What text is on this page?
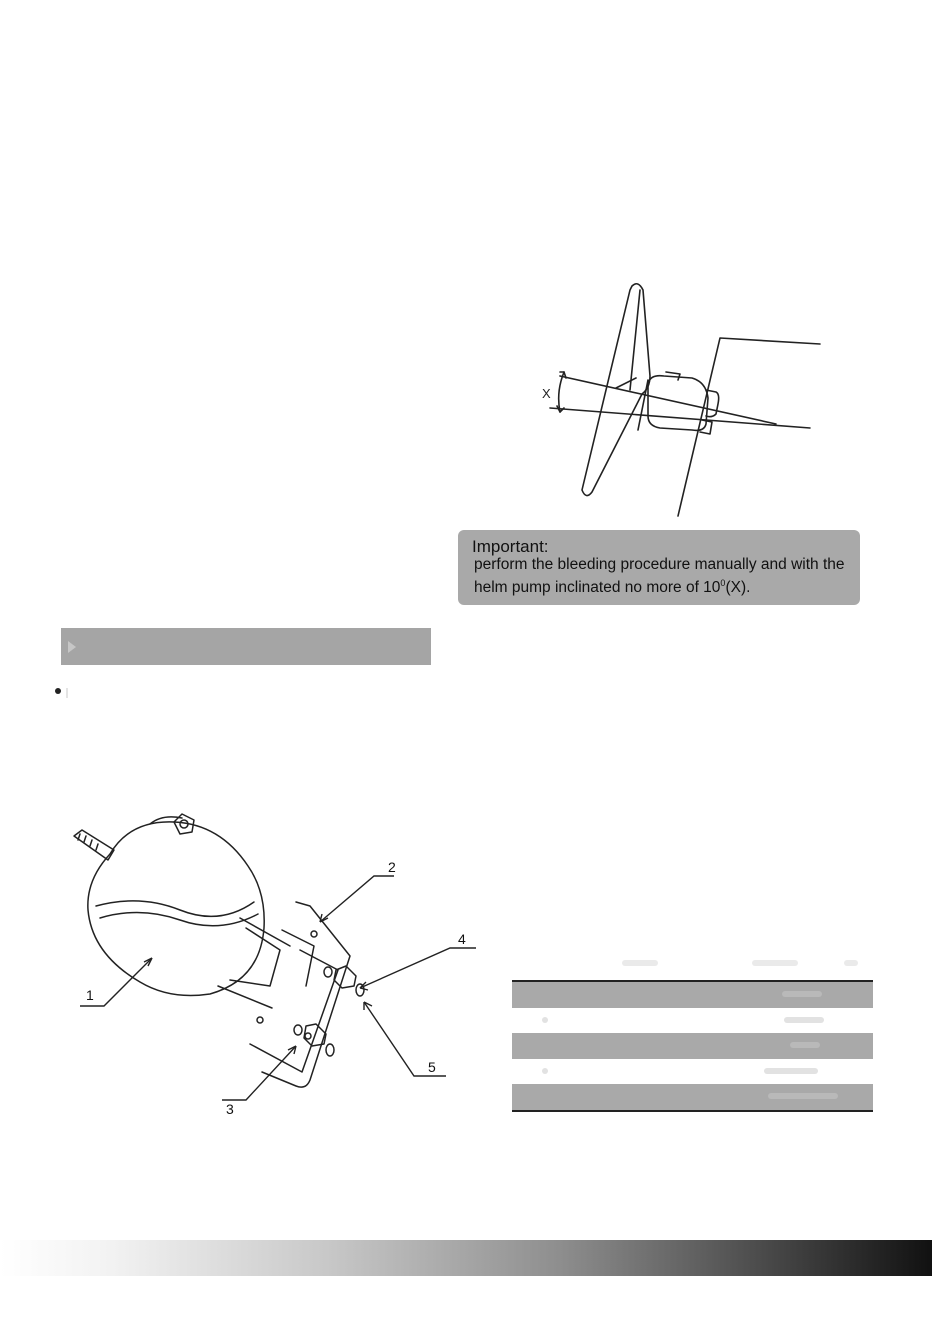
X
Important:
perform the bleeding procedure manually and with the
helm pump inclinated no more of $10^0(X)$.
1
2
4
5
3
